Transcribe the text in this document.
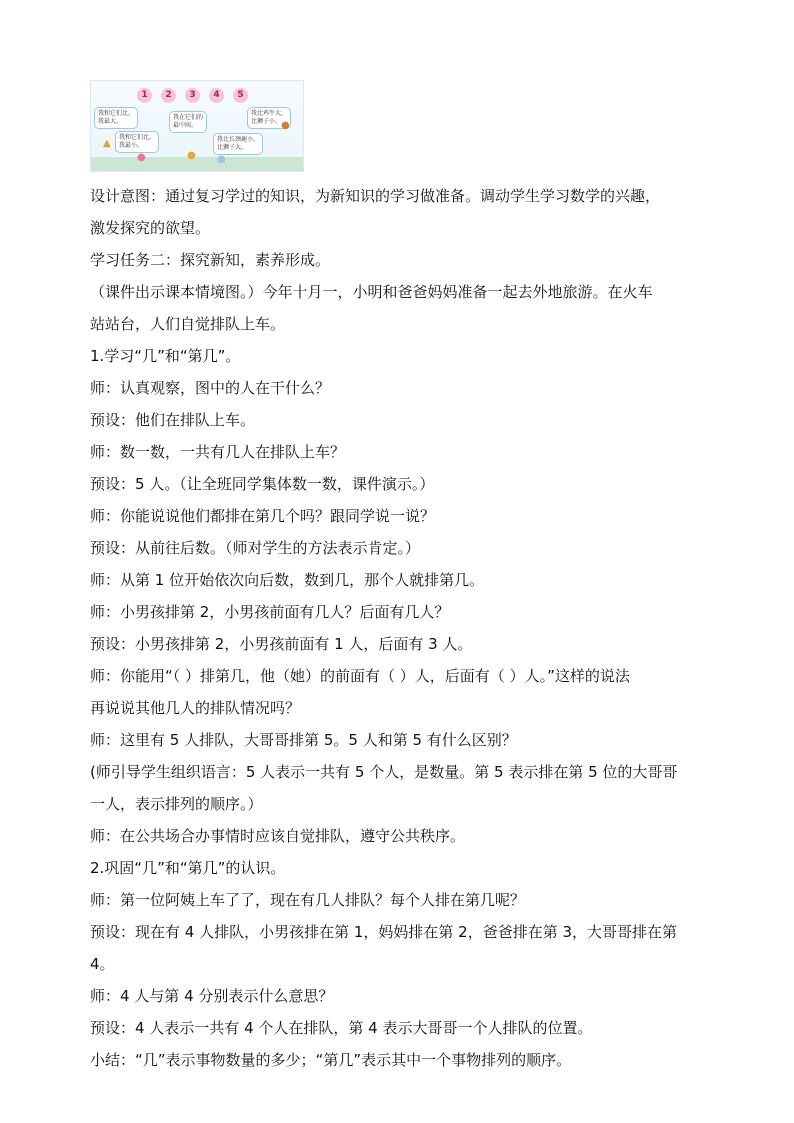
1	2	3	4	5
我和它们比，
我最大。
我和它们比，
我最小。
我在它们的
最中间。
我比长颈鹿小，
比狮子大。
我比鸡牛大，
比狮子小。
▲
●	● ●
●
设计意图：通过复习学过的知识，为新知识的学习做准备。调动学生学习数学的兴趣，
激发探究的欲望。
学习任务二：探究新知，素养形成。
（课件出示课本情境图。）今年十月一，小明和爸爸妈妈准备一起去外地旅游。在火车
站站台，人们自觉排队上车。
1.学习“几”和“第几”。
师：认真观察，图中的人在干什么？
预设：他们在排队上车。
师：数一数，一共有几人在排队上车？
预设：5 人。（让全班同学集体数一数，课件演示。）
师：你能说说他们都排在第几个吗？跟同学说一说？
预设：从前往后数。（师对学生的方法表示肯定。）
师：从第 1 位开始依次向后数，数到几，那个人就排第几。
师：小男孩排第 2，小男孩前面有几人？后面有几人？
预设：小男孩排第 2，小男孩前面有 1 人，后面有 3 人。
师：你能用“（ ）排第几，他（她）的前面有（ ）人，后面有（ ）人。”这样的说法
再说说其他几人的排队情况吗？
师：这里有 5 人排队，大哥哥排第 5。5 人和第 5 有什么区别？
(师引导学生组织语言：5 人表示一共有 5 个人，是数量。第 5 表示排在第 5 位的大哥哥
一人，表示排列的顺序。）
师：在公共场合办事情时应该自觉排队，遵守公共秩序。
2.巩固“几”和“第几”的认识。
师：第一位阿姨上车了了，现在有几人排队？每个人排在第几呢？
预设：现在有 4 人排队，小男孩排在第 1，妈妈排在第 2，爸爸排在第 3，大哥哥排在第
4。
师：4 人与第 4 分别表示什么意思？
预设：4 人表示一共有 4 个人在排队，第 4 表示大哥哥一个人排队的位置。
小结：“几”表示事物数量的多少；“第几”表示其中一个事物排列的顺序。
